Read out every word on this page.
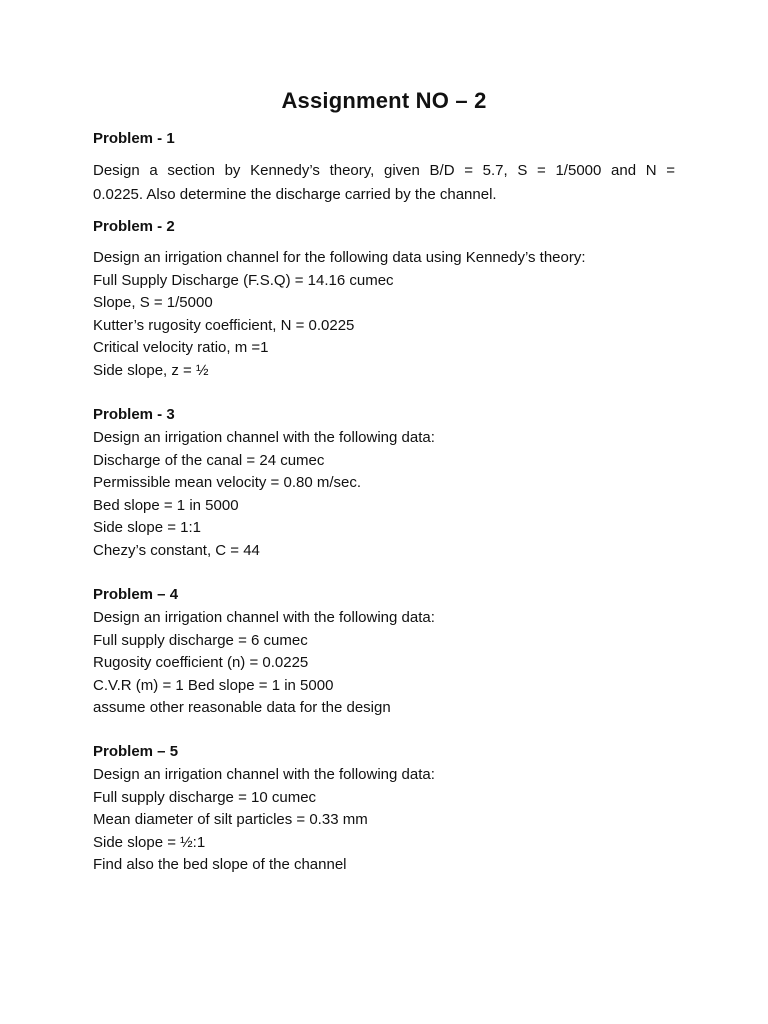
Assignment NO – 2
Problem - 1
Design a section by Kennedy’s theory, given B/D = 5.7, S = 1/5000 and N =
0.0225. Also determine the discharge carried by the channel.
Problem - 2
Design an irrigation channel for the following data using Kennedy’s theory:
Full Supply Discharge (F.S.Q) = 14.16 cumec
Slope, S = 1/5000
Kutter’s rugosity coefficient, N = 0.0225
Critical velocity ratio, m =1
Side slope, z = ½
Problem - 3
Design an irrigation channel with the following data:
Discharge of the canal = 24 cumec
Permissible mean velocity = 0.80 m/sec.
Bed slope = 1 in 5000
Side slope = 1:1
Chezy’s constant, C = 44
Problem – 4
Design an irrigation channel with the following data:
Full supply discharge = 6 cumec
Rugosity coefficient (n) = 0.0225
C.V.R (m) = 1 Bed slope = 1 in 5000
assume other reasonable data for the design
Problem – 5
Design an irrigation channel with the following data:
Full supply discharge = 10 cumec
Mean diameter of silt particles = 0.33 mm
Side slope = ½:1
Find also the bed slope of the channel
